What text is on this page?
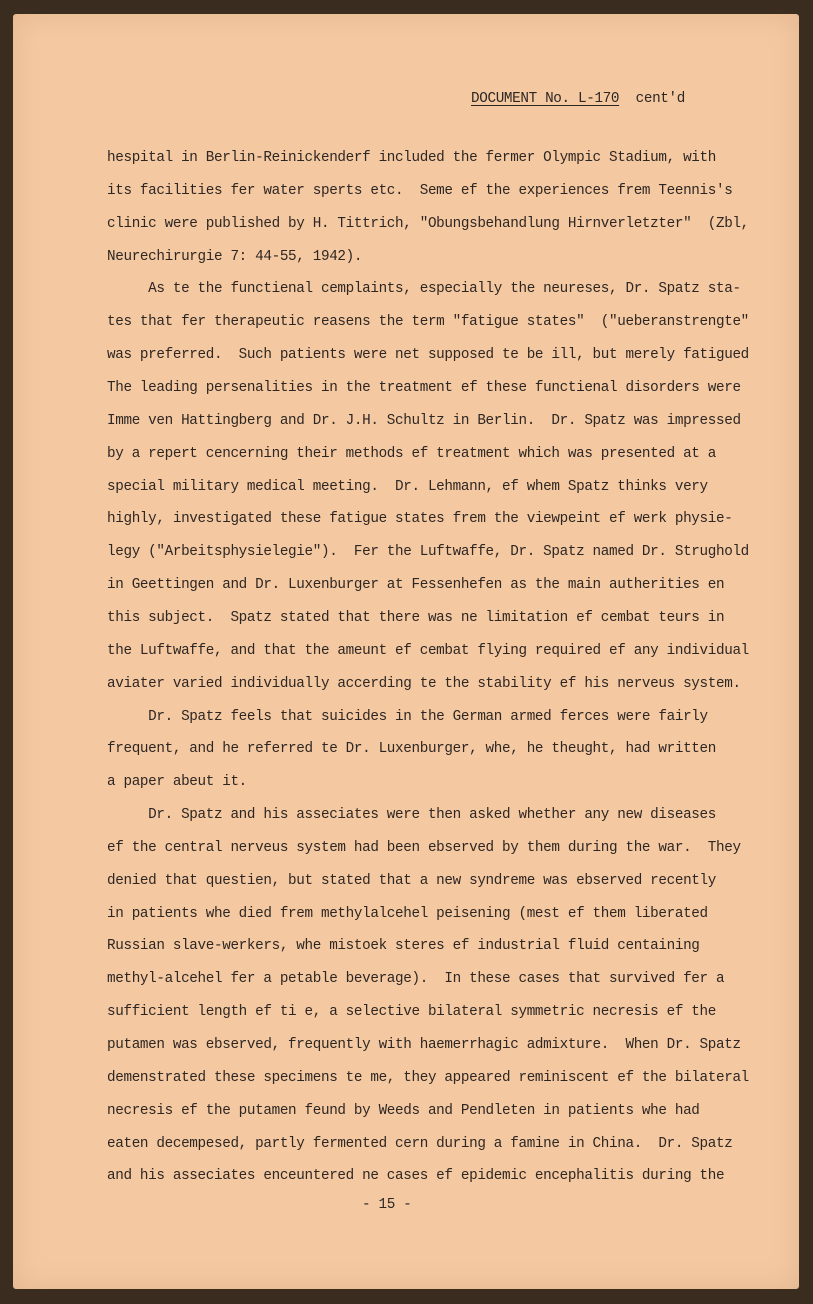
DOCUMENT No. L-170 cent'd
hespital in Berlin-Reinickenderf included the fermer Olympic Stadium, with
its facilities fer water sperts etc.  Seme ef the experiences frem Teennis's
clinic were published by H. Tittrich, "Obungsbehandlung Hirnverletzter"  (Zbl,
Neurechirurgie 7: 44-55, 1942).
As te the functienal cemplaints, especially the neureses, Dr. Spatz sta-
tes that fer therapeutic reasens the term "fatigue states"  ("ueberanstrengte"
was preferred.  Such patients were net supposed te be ill, but merely fatigued
The leading persenalities in the treatment ef these functienal disorders were
Imme ven Hattingberg and Dr. J.H. Schultz in Berlin.  Dr. Spatz was impressed
by a repert cencerning their methods ef treatment which was presented at a
special military medical meeting.  Dr. Lehmann, ef whem Spatz thinks very
highly, investigated these fatigue states frem the viewpeint ef werk physie-
legy ("Arbeitsphysielegie").  Fer the Luftwaffe, Dr. Spatz named Dr. Strughold
in Geettingen and Dr. Luxenburger at Fessenhefen as the main autherities en
this subject.  Spatz stated that there was ne limitation ef cembat teurs in
the Luftwaffe, and that the ameunt ef cembat flying required ef any individual
aviater varied individually accerding te the stability ef his nerveus system.
Dr. Spatz feels that suicides in the German armed ferces were fairly
frequent, and he referred te Dr. Luxenburger, whe, he theught, had written
a paper abeut it.
Dr. Spatz and his asseciates were then asked whether any new diseases
ef the central nerveus system had been ebserved by them during the war.  They
denied that questien, but stated that a new syndreme was ebserved recently
in patients whe died frem methylalcehel peisening (mest ef them liberated
Russian slave-werkers, whe mistoek steres ef industrial fluid centaining
methyl-alcehel fer a petable beverage).  In these cases that survived fer a
sufficient length ef ti e, a selective bilateral symmetric necresis ef the
putamen was ebserved, frequently with haemerrhagic admixture.  When Dr. Spatz
demenstrated these specimens te me, they appeared reminiscent ef the bilateral
necresis ef the putamen feund by Weeds and Pendleten in patients whe had
eaten decempesed, partly fermented cern during a famine in China.  Dr. Spatz
and his asseciates enceuntered ne cases ef epidemic encephalitis during the
- 15 -
